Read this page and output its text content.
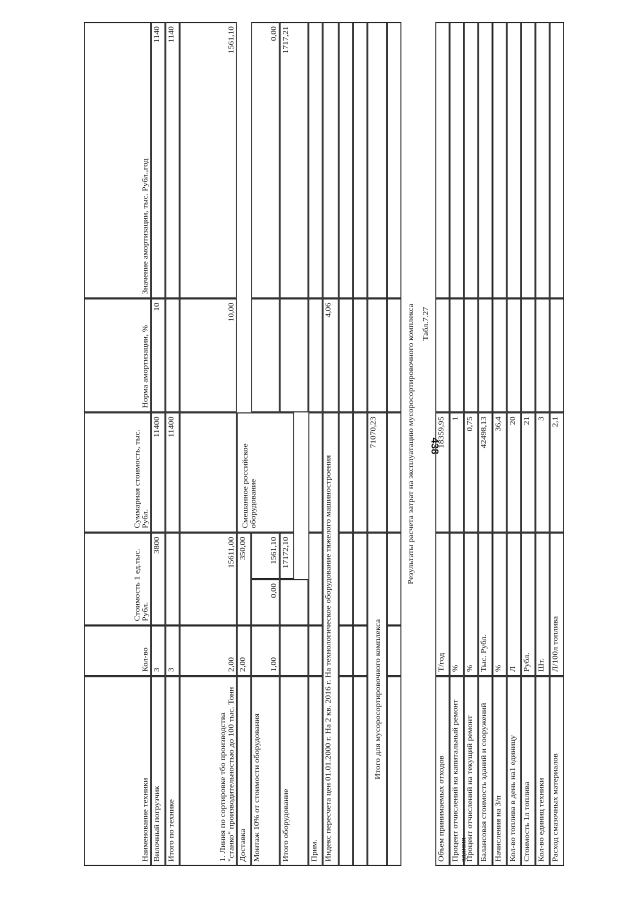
438
Наименование техники
Кол-во
Стоимость 1 ед.тыс. Рубл.
Суммарная стоимость, тыс. Рубл.
Норма амортизации, %
Значение амортизации, тыс. Рубл.,год
Вилочный погрузчик
3
3800
11400
10
1140
Итого по технике
3
11400
1140
1. Линия по сортировке тбо производства "станко" производительностью до 100 тыс. Тонн
2,00
15611,00
10,00
1561,10
Доставка
2,00
350,00
Смешанное российское оборудование
Монтаж 10% от стоимости оборудования
1,00
0,00
1561,10
0,00
Итого оборудование
17172,10
1717,21
Прим. Индекс пересчета цен 01.01.2000 г. На 2 кв. 2016 г. На технологическое оборудование тяжелого машиностроения
4,06
Итого для мусоросортировочного комплекса
71070,23	Результаты расчета затрат на эксплуатацию мусоросортировочного комплекса Табл.7.27
Объем принимаемых отходов
T/год
18359,95
Процент отчислений на капитальный ремонт здания
%
1
Процент отчислений на текущий ремонт
%
0,75
Балансовая стоимость зданий и сооружений
Тыс. Рубл.
42498,13
Начисления на З/п
%
36,4
Кол-во топлива в день на1 единицу
Л
20
Стоимость 1л топлива
Рубл.
21
Кол-во единиц техники
Шт.
3
Расход смазочных материалов
Л/100л топлива
2,1
